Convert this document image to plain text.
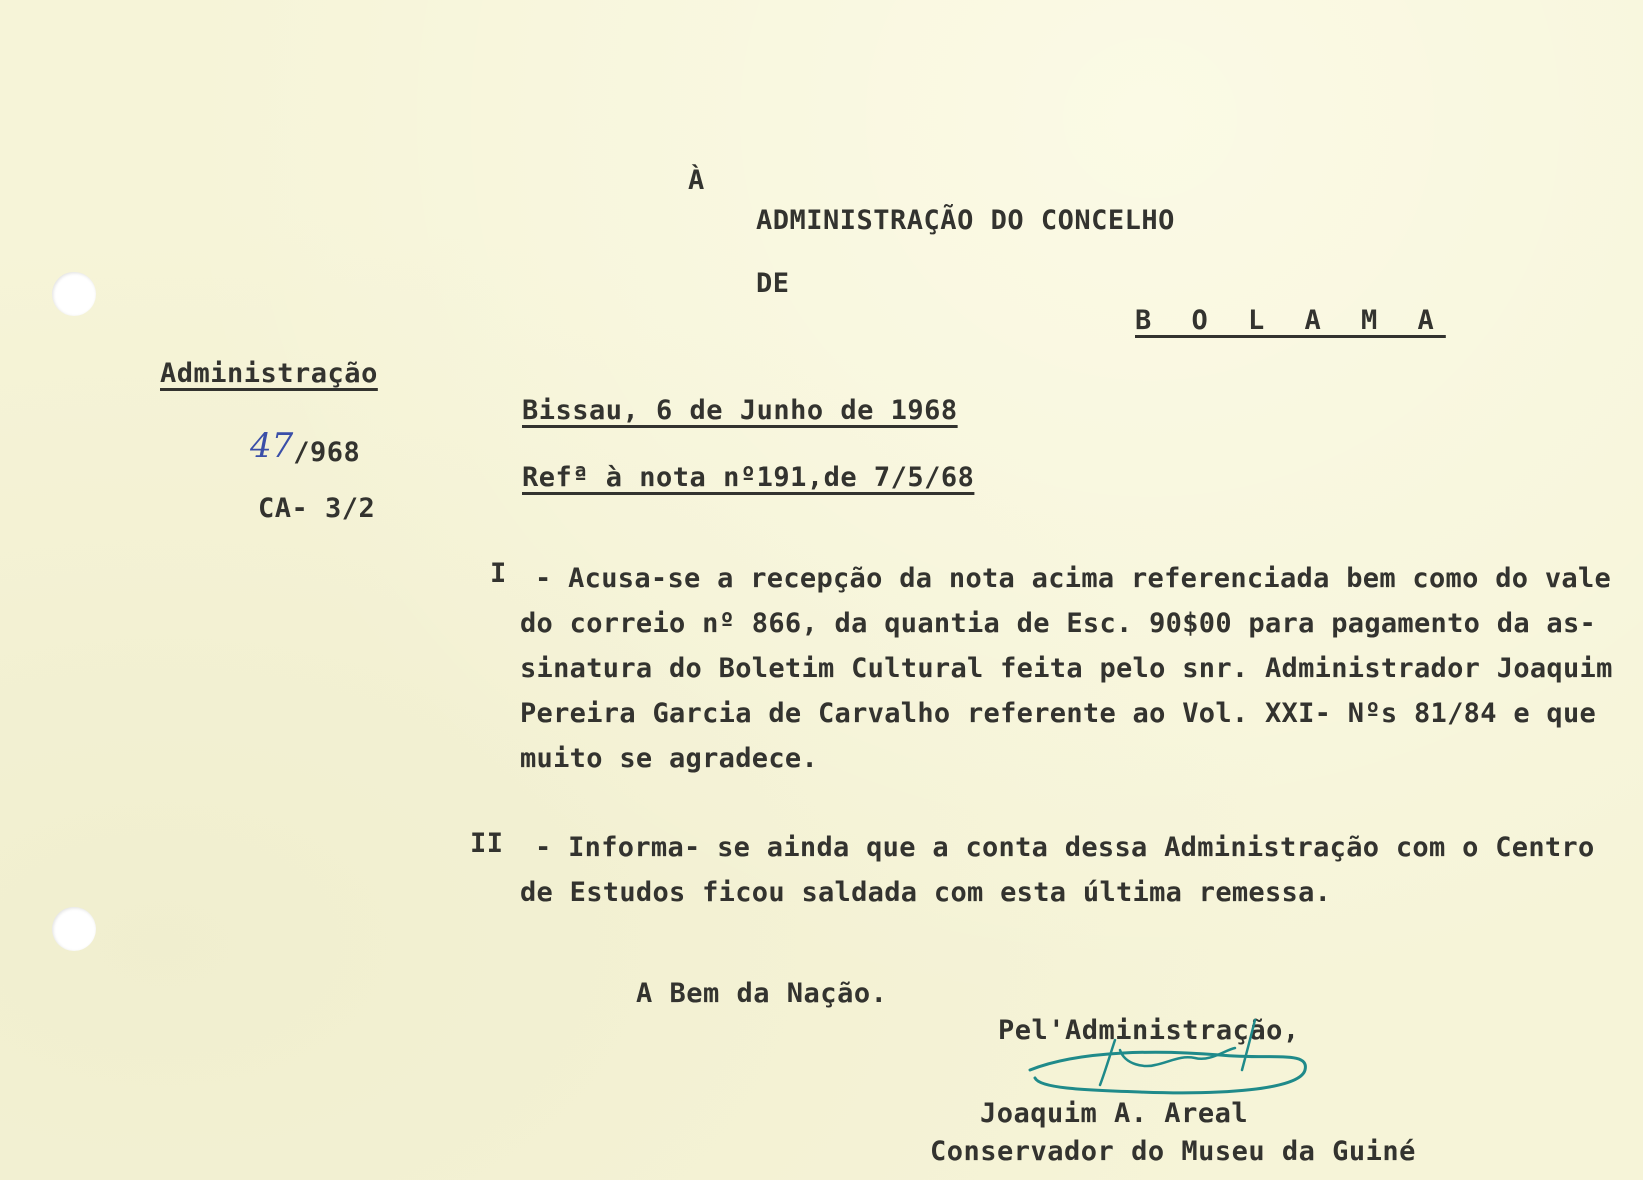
À
ADMINISTRAÇÃO DO CONCELHO
DE
B O L A M A
Administração
47/968
CA- 3/2
Bissau, 6 de Junho de 1968
Refª à nota nº191,de 7/5/68
I - Acusa-se a recepção da nota acima referenciada bem como do vale
do correio nº 866, da quantia de Esc. 90$00 para pagamento da as-
sinatura do Boletim Cultural feita pelo snr. Administrador Joaquim
Pereira Garcia de Carvalho referente ao Vol. XXI- Nºs 81/84 e que
muito se agradece.
II - Informa- se ainda que a conta dessa Administração com o Centro
de Estudos ficou saldada com esta última remessa.
A Bem da Nação.
Pel'Administração,
Joaquim A. Areal
Conservador do Museu da Guiné
